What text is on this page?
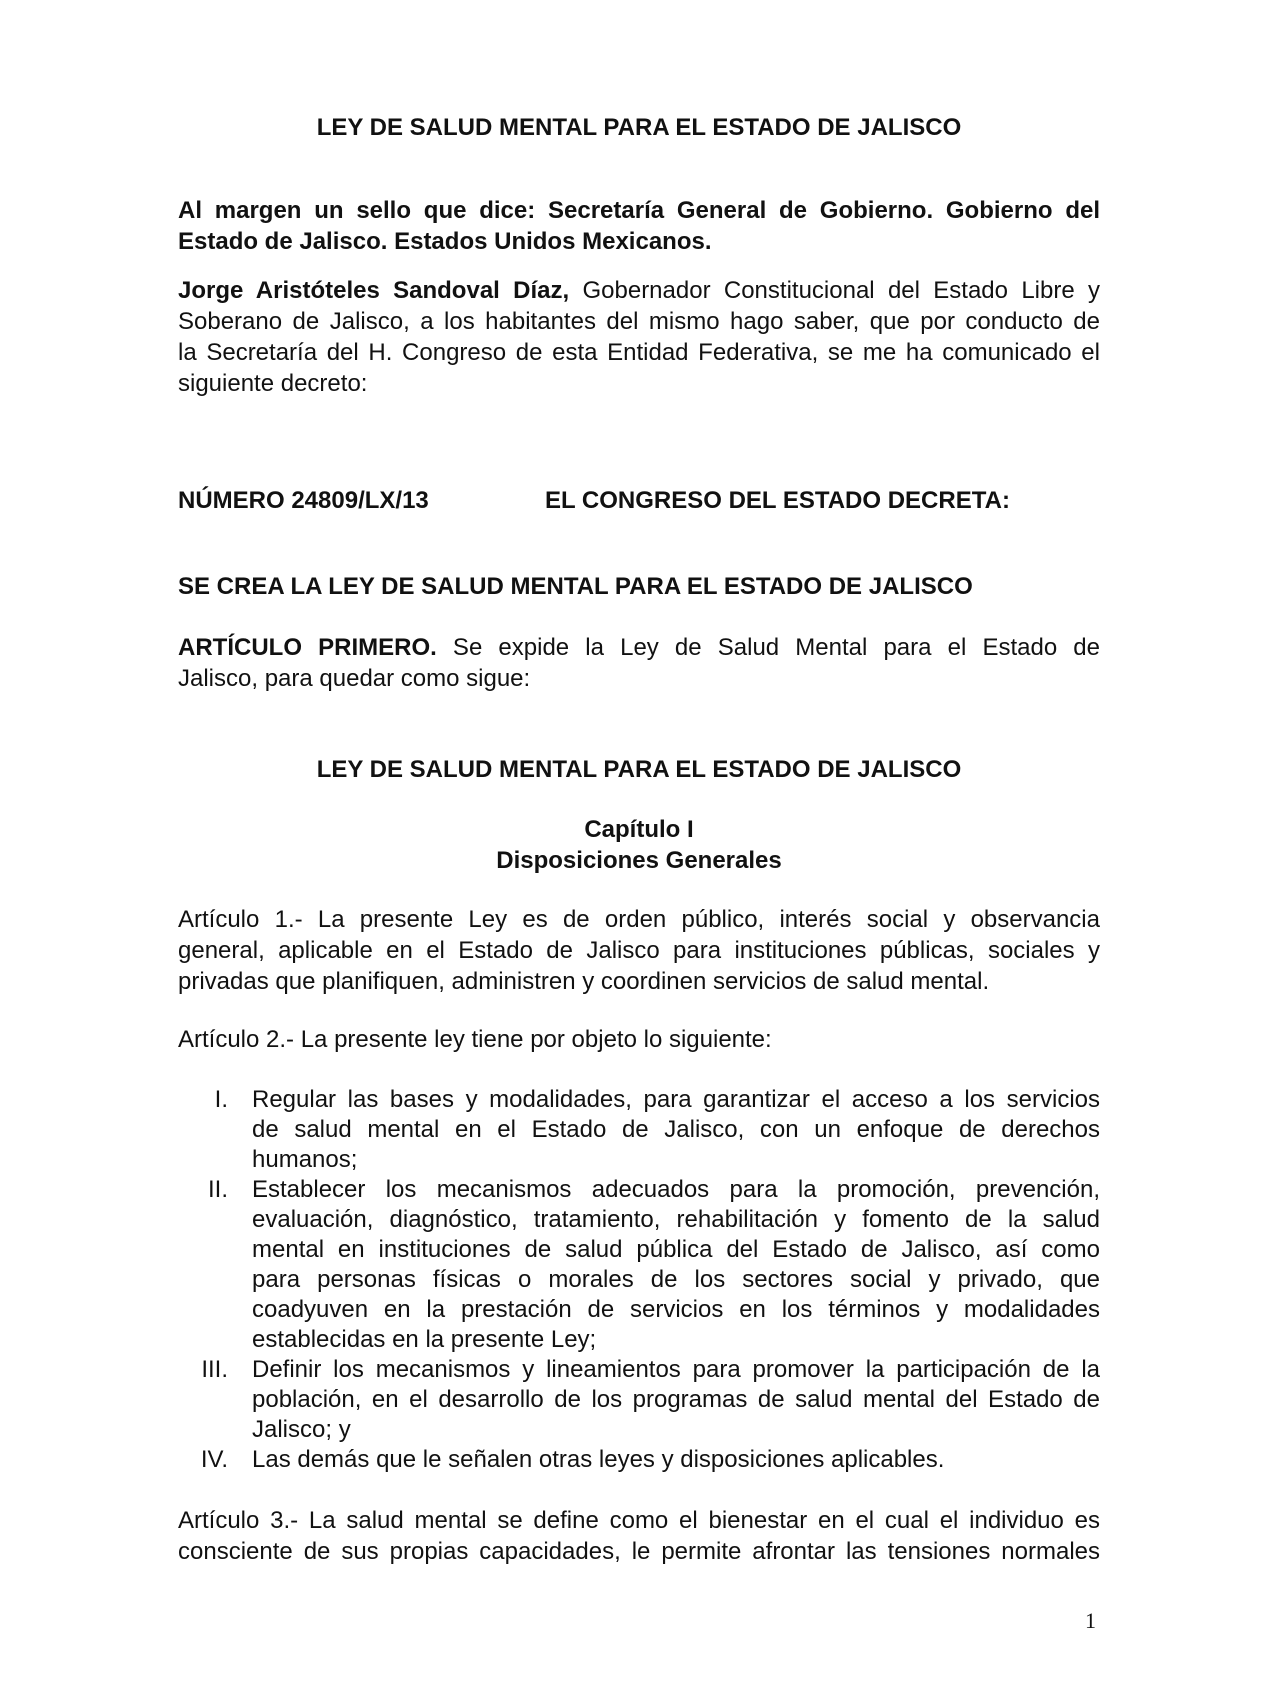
LEY DE SALUD MENTAL PARA EL ESTADO DE JALISCO

Al margen un sello que dice: Secretaría General de Gobierno. Gobierno del
Estado de Jalisco. Estados Unidos Mexicanos.

Jorge Aristóteles Sandoval Díaz, Gobernador Constitucional del Estado Libre y
Soberano de Jalisco, a los habitantes del mismo hago saber, que por conducto de
la Secretaría del H. Congreso de esta Entidad Federativa, se me ha comunicado el
siguiente decreto:

NÚMERO 24809/LX/13	EL CONGRESO DEL ESTADO DECRETA:

SE CREA LA LEY DE SALUD MENTAL PARA EL ESTADO DE JALISCO

ARTÍCULO PRIMERO. Se expide la Ley de Salud Mental para el Estado de
Jalisco, para quedar como sigue:

LEY DE SALUD MENTAL PARA EL ESTADO DE JALISCO

Capítulo I

Disposiciones Generales

Artículo 1.- La presente Ley es de orden público, interés social y observancia
general, aplicable en el Estado de Jalisco para instituciones públicas, sociales y
privadas que planifiquen, administren y coordinen servicios de salud mental.

Artículo 2.- La presente ley tiene por objeto lo siguiente:

I. Regular las bases y modalidades, para garantizar el acceso a los servicios
de salud mental en el Estado de Jalisco, con un enfoque de derechos
humanos;
II. Establecer los mecanismos adecuados para la promoción, prevención,
evaluación, diagnóstico, tratamiento, rehabilitación y fomento de la salud
mental en instituciones de salud pública del Estado de Jalisco, así como
para personas físicas o morales de los sectores social y privado, que
coadyuven en la prestación de servicios en los términos y modalidades
establecidas en la presente Ley;
III. Definir los mecanismos y lineamientos para promover la participación de la
población, en el desarrollo de los programas de salud mental del Estado de
Jalisco; y
IV. Las demás que le señalen otras leyes y disposiciones aplicables.

Artículo 3.- La salud mental se define como el bienestar en el cual el individuo es
consciente de sus propias capacidades, le permite afrontar las tensiones normales

1
